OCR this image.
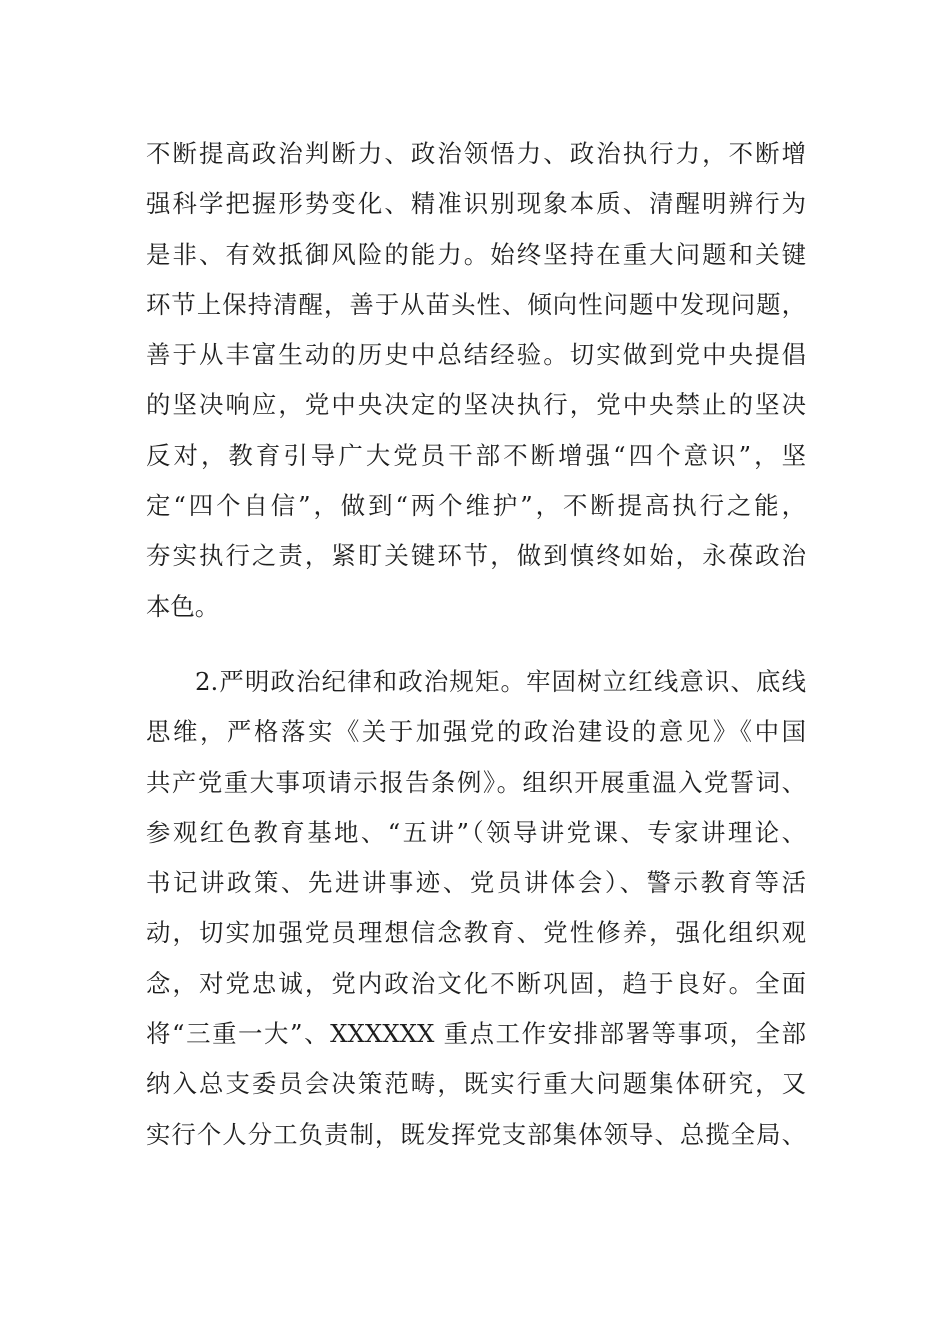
不断提高政治判断力、政治领悟力、政治执行力，不断增
强科学把握形势变化、精准识别现象本质、清醒明辨行为
是非、有效抵御风险的能力。始终坚持在重大问题和关键
环节上保持清醒，善于从苗头性、倾向性问题中发现问题，
善于从丰富生动的历史中总结经验。切实做到党中央提倡
的坚决响应，党中央决定的坚决执行，党中央禁止的坚决
反对，教育引导广大党员干部不断增强“四个意识”，坚
定“四个自信”，做到“两个维护”，不断提高执行之能，
夯实执行之责，紧盯关键环节，做到慎终如始，永葆政治
本色。
2.严明政治纪律和政治规矩。牢固树立红线意识、底线
思维，严格落实《关于加强党的政治建设的意见》《中国
共产党重大事项请示报告条例》。组织开展重温入党誓词、
参观红色教育基地、“五讲”（领导讲党课、专家讲理论、
书记讲政策、先进讲事迹、党员讲体会）、警示教育等活
动，切实加强党员理想信念教育、党性修养，强化组织观
念，对党忠诚，党内政治文化不断巩固，趋于良好。全面
将“三重一大”、XXXXXX 重点工作安排部署等事项，全部
纳入总支委员会决策范畴，既实行重大问题集体研究，又
实行个人分工负责制，既发挥党支部集体领导、总揽全局、
